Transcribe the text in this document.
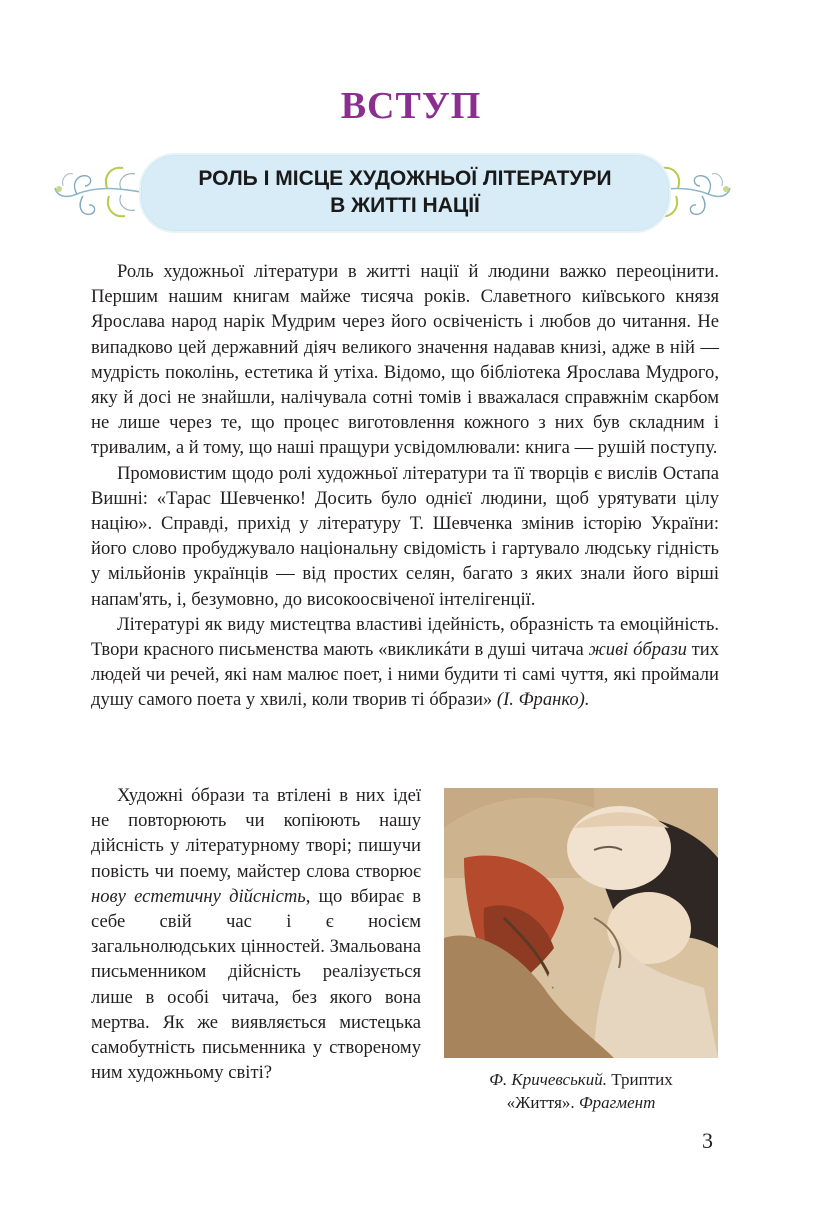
ВСТУП
РОЛЬ І МІСЦЕ ХУДОЖНЬОЇ ЛІТЕРАТУРИ
В ЖИТТІ НАЦІЇ

Роль художньої літератури в житті нації й людини важко переоцінити. Першим нашим книгам майже тисяча років. Славетного київського князя Ярослава народ нарік Мудрим через його освіченість і любов до читання. Не випадково цей державний діяч великого значення надавав книзі, адже в ній — мудрість поколінь, естетика й утіха. Відомо, що бібліотека Ярослава Мудрого, яку й досі не знайшли, налічувала сотні томів і вважалася справжнім скарбом не лише через те, що процес виготовлення кожного з них був складним і тривалим, а й тому, що наші пращури усвідомлювали: книга — рушій поступу.

Промовистим щодо ролі художньої літератури та її творців є вислів Остапа Вишні: «Тарас Шевченко! Досить було однієї людини, щоб урятувати цілу націю». Справді, прихід у літературу Т. Шевченка змінив історію України: його слово пробуджувало національну свідомість і гартувало людську гідність у мільйонів українців — від простих селян, багато з яких знали його вірші напам'ять, і, безумовно, до високоосвіченої інтелігенції.

Літературі як виду мистецтва властиві ідейність, образність та емоційність. Твори красного письменства мають «викликáти в душі читача живі óбрази тих людей чи речей, які нам малює поет, і ними будити ті самі чуття, які проймали душу самого поета у хвилі, коли творив ті óбрази» (І. Франко).

Художні óбрази та втілені в них ідеї не повторюють чи копіюють нашу дійсність у літературному творі; пишучи повість чи поему, майстер слова створює нову естетичну дійсність, що вбирає в себе свій час і є носієм загальнолюдських цінностей. Змальована письменником дійсність реалізується лише в особі читача, без якого вона мертва. Як же виявляється мистецька самобутність письменника у створеному ним художньому світі?	Ф. Кричевський. Триптих
«Життя». Фрагмент
3
